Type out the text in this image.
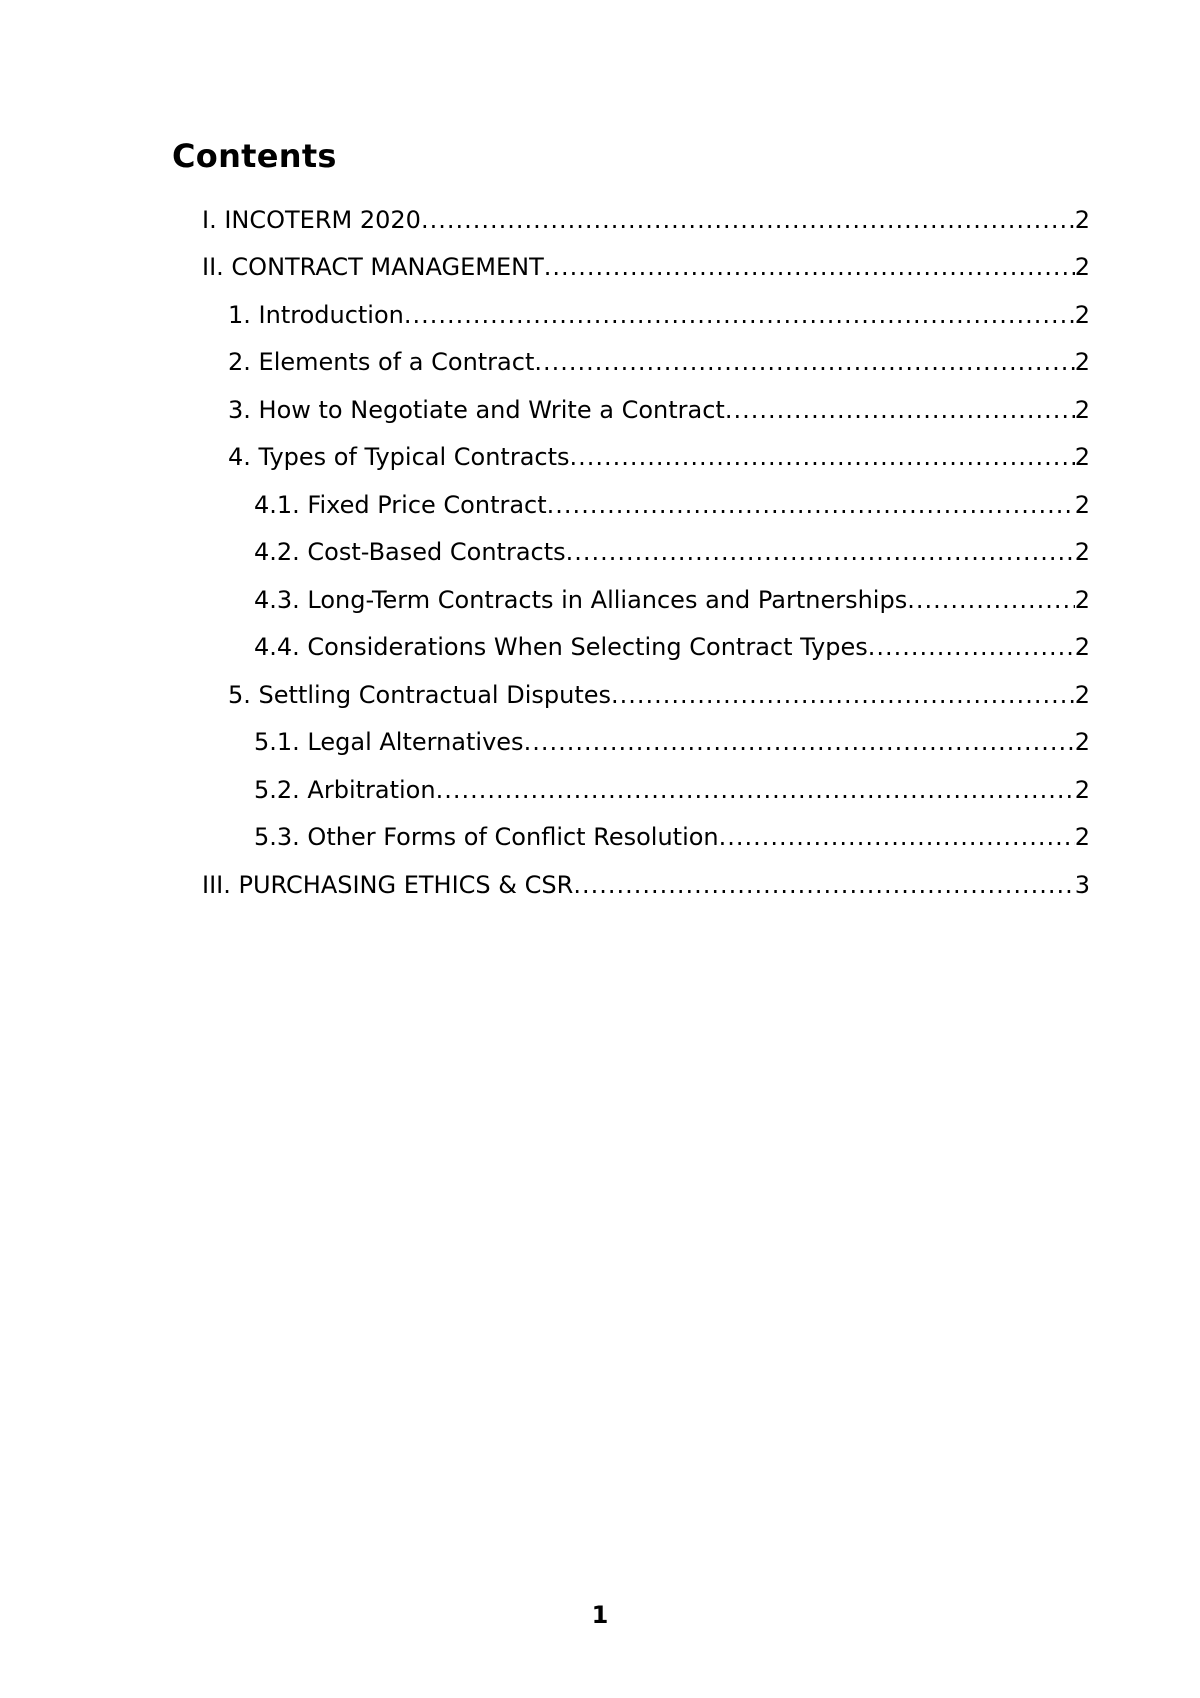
Contents
I. INCOTERM 2020 .....	2
II. CONTRACT MANAGEMENT .....	2
1. Introduction .....	2
2. Elements of a Contract .....	2
3. How to Negotiate and Write a Contract .....	2
4. Types of Typical Contracts .....	2
4.1. Fixed Price Contract .....	2
4.2. Cost-Based Contracts .....	2
4.3. Long-Term Contracts in Alliances and Partnerships .....	2
4.4. Considerations When Selecting Contract Types .....	2
5. Settling Contractual Disputes .....	2
5.1. Legal Alternatives .....	2
5.2. Arbitration .....	2
5.3. Other Forms of Conflict Resolution .....	2
III. PURCHASING ETHICS & CSR .....	3
1
